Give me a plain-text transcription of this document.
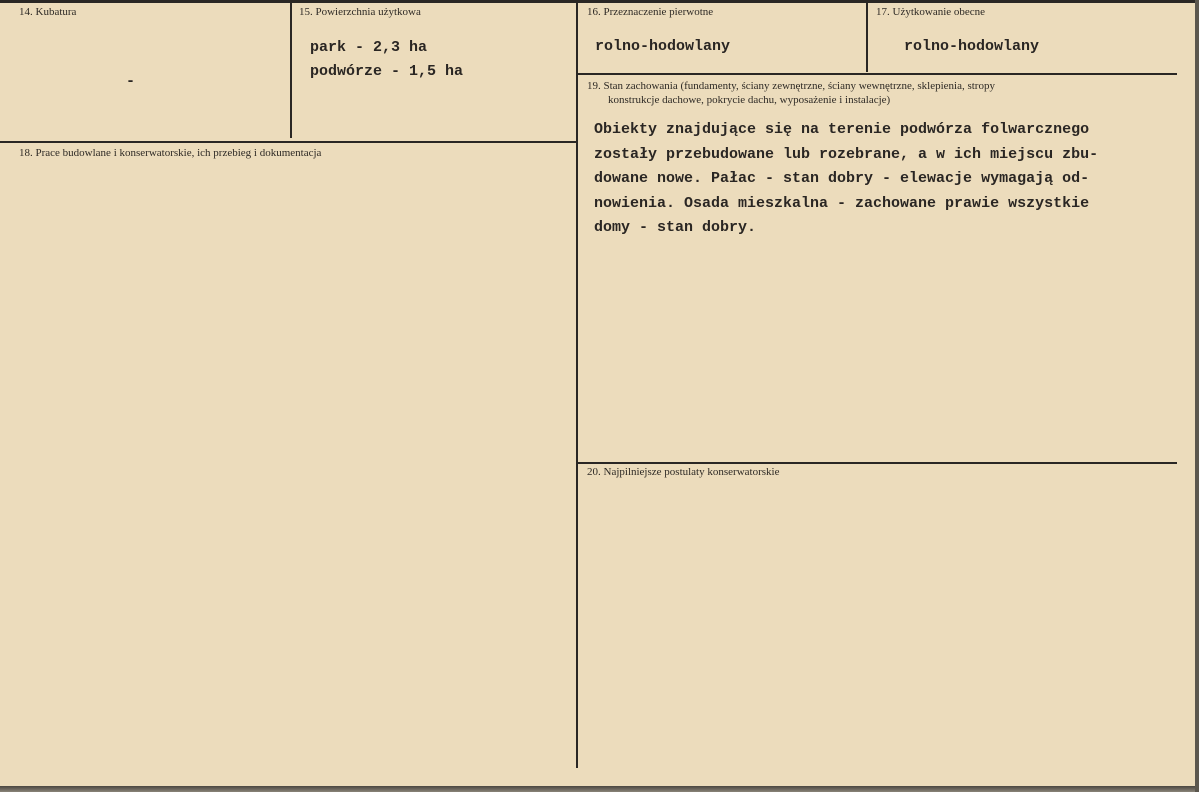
14. Kubatura
-
15. Powierzchnia użytkowa
park - 2,3 ha
podwórze - 1,5 ha
16. Przeznaczenie pierwotne
rolno-hodowlany
17. Użytkowanie obecne
rolno-hodowlany
18. Prace budowlane i konserwatorskie, ich przebieg i dokumentacja
19. Stan zachowania (fundamenty, ściany zewnętrzne, ściany wewnętrzne, sklepienia, stropy
konstrukcje dachowe, pokrycie dachu, wyposażenie i instalacje)
Obiekty znajdujące się na terenie podwórza folwarcznego
zostały przebudowane lub rozebrane, a w ich miejscu zbu-
dowane nowe. Pałac - stan dobry - elewacje wymagają od-
nowienia. Osada mieszkalna - zachowane prawie wszystkie
domy - stan dobry.
20. Najpilniejsze postulaty konserwatorskie
